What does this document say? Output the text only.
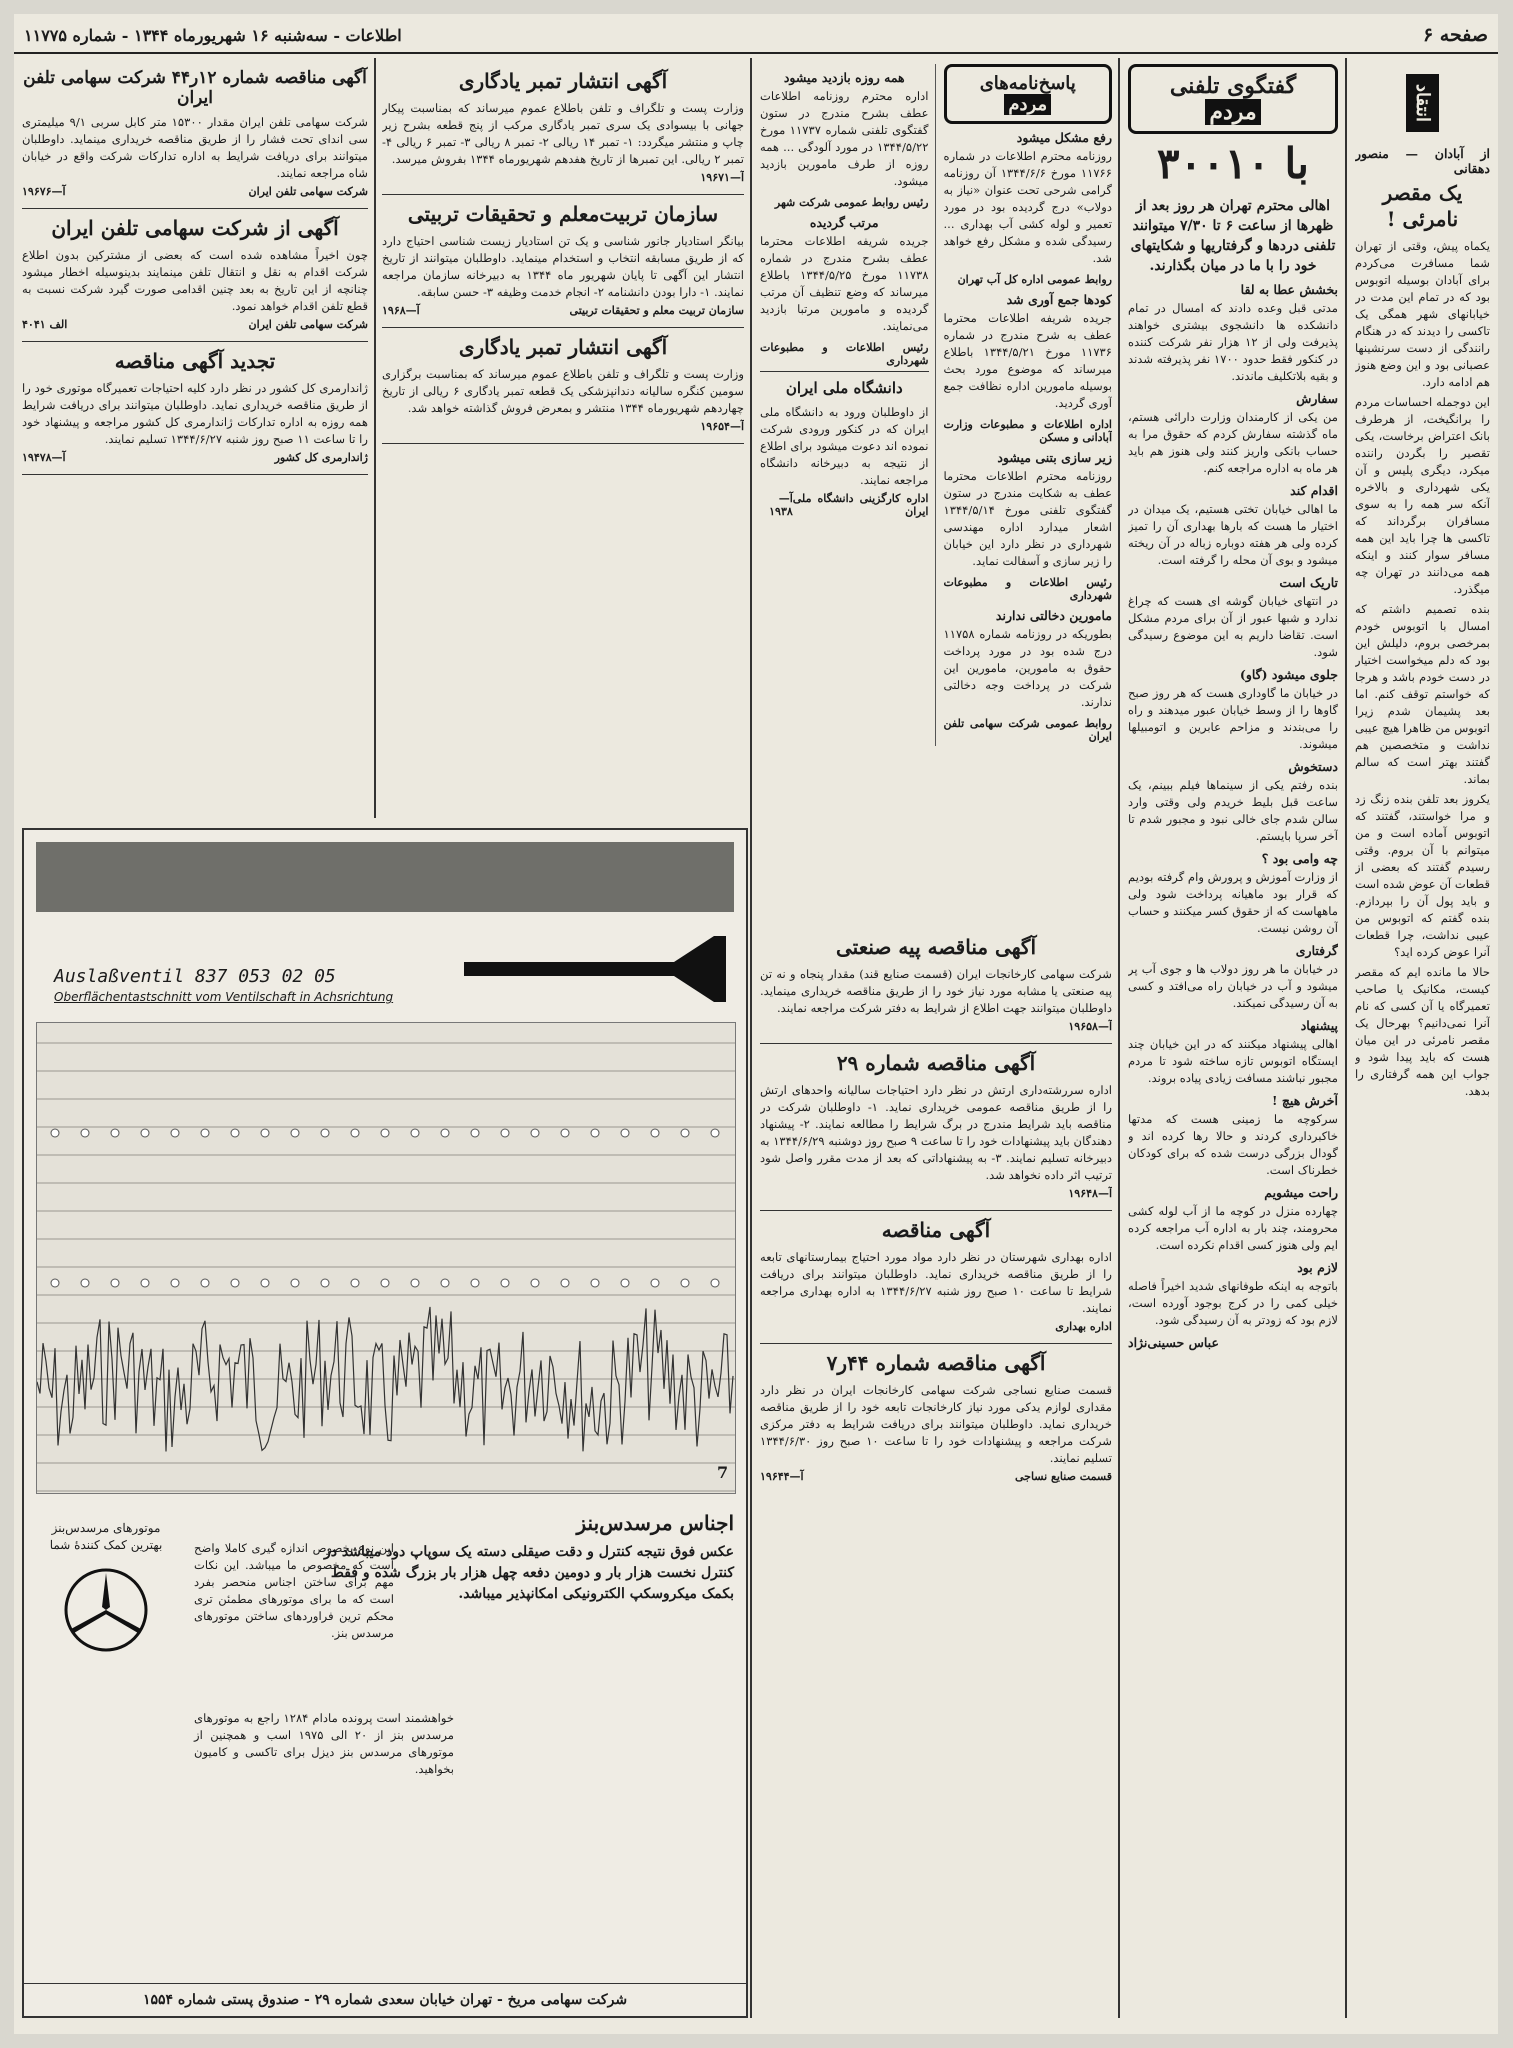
صفحه ۶
اطلاعات - سه‌شنبه ۱۶ شهریورماه ۱۳۴۴ - شماره ۱۱۷۷۵
انتقاد
از آبادان — منصور دهقانی
یک مقصر نامرئی !

یکماه پیش، وقتی از تهران شما مسافرت می‌کردم برای آبادان بوسیله اتوبوس بود که در تمام این مدت در خیابانهای شهر همگی یک تاکسی را دیدند که در هنگام رانندگی از دست سرنشینها عصبانی بود و این وضع هنوز هم ادامه دارد.

این دوجمله احساسات مردم را برانگیخت، از هرطرف بانک اعتراض برخاست، یکی تقصیر را بگردن راننده میکرد، دیگری پلیس و آن یکی شهرداری و بالاخره آنکه سر همه را به سوی مسافران برگرداند که تاکسی ها چرا باید این همه مسافر سوار کنند و اینکه همه می‌دانند در تهران چه میگذرد.

بنده تصمیم داشتم که امسال با اتوبوس خودم بمرخصی بروم، دلیلش این بود که دلم میخواست اختیار در دست خودم باشد و هرجا که خواستم توقف کنم. اما بعد پشیمان شدم زیرا اتوبوس من ظاهرا هیچ عیبی نداشت و متخصصین هم گفتند بهتر است که سالم بماند.

یکروز بعد تلفن بنده زنگ زد و مرا خواستند، گفتند که اتوبوس آماده است و من میتوانم با آن بروم. وقتی رسیدم گفتند که بعضی از قطعات آن عوض شده است و باید پول آن را بپردازم. بنده گفتم که اتوبوس من عیبی نداشت، چرا قطعات آنرا عوض کرده اید؟

حالا ما مانده ایم که مقصر کیست، مکانیک یا صاحب تعمیرگاه یا آن کسی که نام آنرا نمی‌دانیم؟ بهرحال یک مقصر نامرئی در این میان هست که باید پیدا شود و جواب این همه گرفتاری را بدهد.

گفتگوی تلفنی مردم
با ۳۰۰۱۰
اهالی محترم تهران هر روز بعد از ظهرها از ساعت ۶ تا ۷/۳۰ میتوانند تلفنی دردها و گرفتاریها و شکایتهای خود را با ما در میان بگذارند.
بخشش عطا به لقا

مدتی قبل وعده دادند که امسال در تمام دانشکده ها دانشجوی بیشتری خواهند پذیرفت ولی از ۱۲ هزار نفر شرکت کننده در کنکور فقط حدود ۱۷۰۰ نفر پذیرفته شدند و بقیه بلاتکلیف ماندند.

سفارش

من یکی از کارمندان وزارت دارائی هستم، ماه گذشته سفارش کردم که حقوق مرا به حساب بانکی واریز کنند ولی هنوز هم باید هر ماه به اداره مراجعه کنم.

اقدام کند

ما اهالی خیابان تختی هستیم، یک میدان در اختیار ما هست که بارها بهداری آن را تمیز کرده ولی هر هفته دوباره زباله در آن ریخته میشود و بوی آن محله را گرفته است.

تاریک است

در انتهای خیابان گوشه ای هست که چراغ ندارد و شبها عبور از آن برای مردم مشکل است. تقاضا داریم به این موضوع رسیدگی شود.

جلوی میشود (گاو)

در خیابان ما گاوداری هست که هر روز صبح گاوها را از وسط خیابان عبور میدهند و راه را می‌بندند و مزاحم عابرین و اتومبیلها میشوند.

دستخوش

بنده رفتم یکی از سینماها فیلم ببینم، یک ساعت قبل بلیط خریدم ولی وقتی وارد سالن شدم جای خالی نبود و مجبور شدم تا آخر سرپا بایستم.

چه وامی بود ؟

از وزارت آموزش و پرورش وام گرفته بودیم که قرار بود ماهیانه پرداخت شود ولی ماههاست که از حقوق کسر میکنند و حساب آن روشن نیست.

گرفتاری

در خیابان ما هر روز دولاب ها و جوی آب پر میشود و آب در خیابان راه می‌افتد و کسی به آن رسیدگی نمیکند.

پیشنهاد

اهالی پیشنهاد میکنند که در این خیابان چند ایستگاه اتوبوس تازه ساخته شود تا مردم مجبور نباشند مسافت زیادی پیاده بروند.

آخرش هیچ !

سرکوچه ما زمینی هست که مدتها خاکبرداری کردند و حالا رها کرده اند و گودال بزرگی درست شده که برای کودکان خطرناک است.

راحت میشویم

چهارده منزل در کوچه ما از آب لوله کشی محرومند، چند بار به اداره آب مراجعه کرده ایم ولی هنوز کسی اقدام نکرده است.

لازم بود

باتوجه به اینکه طوفانهای شدید اخیراً فاصله خیلی کمی را در کرج بوجود آورده است، لازم بود که زودتر به آن رسیدگی شود.

عباس حسینی‌نژاد
پاسخ‌نامه‌های مردم
رفع مشکل میشود

روزنامه محترم اطلاعات در شماره ۱۱۷۶۶ مورخ ۱۳۴۴/۶/۶ آن روزنامه گرامی شرحی تحت عنوان «نیاز به دولاب» درج گردیده بود در مورد تعمیر و لوله کشی آب بهداری ... رسیدگی شده و مشکل رفع خواهد شد.

روابط عمومی اداره کل آب تهران
کودها جمع آوری شد

جریده شریفه اطلاعات محترما عطف به شرح مندرج در شماره ۱۱۷۳۶ مورخ ۱۳۴۴/۵/۲۱ باطلاع میرساند که موضوع مورد بحث بوسیله مامورین اداره نظافت جمع آوری گردید.

اداره اطلاعات و مطبوعات وزارت آبادانی و مسکن
زیر سازی بتنی میشود

روزنامه محترم اطلاعات محترما عطف به شکایت مندرج در ستون گفتگوی تلفنی مورخ ۱۳۴۴/۵/۱۴ اشعار میدارد اداره مهندسی شهرداری در نظر دارد این خیابان را زیر سازی و آسفالت نماید.

رئیس اطلاعات و مطبوعات شهرداری
مامورین دخالتی ندارند

بطوریکه در روزنامه شماره ۱۱۷۵۸ درج شده بود در مورد پرداخت حقوق به مامورین، مامورین این شرکت در پرداخت وجه دخالتی ندارند.

روابط عمومی شرکت سهامی تلفن ایران
همه روزه بازدید میشود

اداره محترم روزنامه اطلاعات عطف بشرح مندرج در ستون گفتگوی تلفنی شماره ۱۱۷۳۷ مورخ ۱۳۴۴/۵/۲۲ در مورد آلودگی ... همه روزه از طرف مامورین بازدید میشود.

رئیس روابط عمومی شرکت شهر
مرتب گردیده

جریده شریفه اطلاعات محترما عطف بشرح مندرج در شماره ۱۱۷۳۸ مورخ ۱۳۴۴/۵/۲۵ باطلاع میرساند که وضع تنظیف آن مرتب گردیده و مامورین مرتبا بازدید می‌نمایند.

رئیس اطلاعات و مطبوعات شهرداری
دانشگاه ملی ایران

از داوطلبان ورود به دانشگاه ملی ایران که در کنکور ورودی شرکت نموده اند دعوت میشود برای اطلاع از نتیجه به دبیرخانه دانشگاه مراجعه نمایند.

اداره کارگزینی دانشگاه ملی ایران
آ—۱۹۳۸
آگهی انتشار تمبر یادگاری

وزارت پست و تلگراف و تلفن باطلاع عموم میرساند که بمناسبت پیکار جهانی با بیسوادی یک سری تمبر یادگاری مرکب از پنج قطعه بشرح زیر چاپ و منتشر میگردد: ۱- تمبر ۱۴ ریالی ۲- تمبر ۸ ریالی ۳- تمبر ۶ ریالی ۴- تمبر ۲ ریالی. این تمبرها از تاریخ هفدهم شهریورماه ۱۳۴۴ بفروش میرسد.

آ—۱۹۶۷۱
سازمان تربیت‌معلم و تحقیقات تربیتی

بیانگر استادیار جانور شناسی و یک تن استادیار زیست شناسی احتیاج دارد که از طریق مسابقه انتخاب و استخدام مینماید. داوطلبان میتوانند از تاریخ انتشار این آگهی تا پایان شهریور ماه ۱۳۴۴ به دبیرخانه سازمان مراجعه نمایند. ۱- دارا بودن دانشنامه ۲- انجام خدمت وظیفه ۳- حسن سابقه.

سازمان تربیت معلم و تحقیقات تربیتی
آ—۱۹۶۸
آگهی انتشار تمبر یادگاری

وزارت پست و تلگراف و تلفن باطلاع عموم میرساند که بمناسبت برگزاری سومین کنگره سالیانه دندانپزشکی یک قطعه تمبر یادگاری ۶ ریالی از تاریخ چهاردهم شهریورماه ۱۳۴۴ منتشر و بمعرض فروش گذاشته خواهد شد.

آ—۱۹۶۵۴
آگهی مناقصه شماره ۱۲ر۴۴ شرکت سهامی تلفن ایران

شرکت سهامی تلفن ایران مقدار ۱۵۳۰۰ متر کابل سربی ۹/۱ میلیمتری سی اندای تحت فشار را از طریق مناقصه خریداری مینماید. داوطلبان میتوانند برای دریافت شرایط به اداره تدارکات شرکت واقع در خیابان شاه مراجعه نمایند.

شرکت سهامی تلفن ایران
آ—۱۹۶۷۶
آگهی از شرکت سهامی تلفن ایران

چون اخیراً مشاهده شده است که بعضی از مشترکین بدون اطلاع شرکت اقدام به نقل و انتقال تلفن مینمایند بدینوسیله اخطار میشود چنانچه از این تاریخ به بعد چنین اقدامی صورت گیرد شرکت نسبت به قطع تلفن اقدام خواهد نمود.

شرکت سهامی تلفن ایران
الف ۴۰۴۱
تجدید آگهی مناقصه

ژاندارمری کل کشور در نظر دارد کلیه احتیاجات تعمیرگاه موتوری خود را از طریق مناقصه خریداری نماید. داوطلبان میتوانند برای دریافت شرایط همه روزه به اداره تدارکات ژاندارمری کل کشور مراجعه و پیشنهاد خود را تا ساعت ۱۱ صبح روز شنبه ۱۳۴۴/۶/۲۷ تسلیم نمایند.

ژاندارمری کل کشور
آ—۱۹۴۷۸
آگهی مناقصه پیه صنعتی

شرکت سهامی کارخانجات ایران (قسمت صنایع قند) مقدار پنجاه و نه تن پیه صنعتی یا مشابه مورد نیاز خود را از طریق مناقصه خریداری مینماید. داوطلبان میتوانند جهت اطلاع از شرایط به دفتر شرکت مراجعه نمایند.

آ—۱۹۶۵۸
آگهی مناقصه شماره ۲۹

اداره سررشته‌داری ارتش در نظر دارد احتیاجات سالیانه واحدهای ارتش را از طریق مناقصه عمومی خریداری نماید. ۱- داوطلبان شرکت در مناقصه باید شرایط مندرج در برگ شرایط را مطالعه نمایند. ۲- پیشنهاد دهندگان باید پیشنهادات خود را تا ساعت ۹ صبح روز دوشنبه ۱۳۴۴/۶/۲۹ به دبیرخانه تسلیم نمایند. ۳- به پیشنهاداتی که بعد از مدت مقرر واصل شود ترتیب اثر داده نخواهد شد.

آ—۱۹۶۴۸
آگهی مناقصه

اداره بهداری شهرستان در نظر دارد مواد مورد احتیاج بیمارستانهای تابعه را از طریق مناقصه خریداری نماید. داوطلبان میتوانند برای دریافت شرایط تا ساعت ۱۰ صبح روز شنبه ۱۳۴۴/۶/۲۷ به اداره بهداری مراجعه نمایند.

اداره بهداری
آگهی مناقصه شماره ۴۴ر۷

قسمت صنایع نساجی شرکت سهامی کارخانجات ایران در نظر دارد مقداری لوازم یدکی مورد نیاز کارخانجات تابعه خود را از طریق مناقصه خریداری نماید. داوطلبان میتوانند برای دریافت شرایط به دفتر مرکزی شرکت مراجعه و پیشنهادات خود را تا ساعت ۱۰ صبح روز ۱۳۴۴/۶/۳۰ تسلیم نمایند.

قسمت صنایع نساجی
آ—۱۹۶۴۴
Auslaßventil 837 053 02 05
Oberflächentastschnitt vom Ventilschaft in Achsrichtung
7
اجناس مرسدس‌بنز

عکس فوق نتیجه کنترل و دقت صیقلی دسته یک سوپاپ دود میباشد در کنترل نخست هزار بار و دومین دفعه چهل هزار بار بزرگ شده و فقط بکمک میکروسکپ الکترونیکی امکانپذیر میباشد.

این نوع بخصوص اندازه گیری کاملا واضح است که مخصوص ما میباشد. این نکات مهم برای ساختن اجناس منحصر بفرد است که ما برای موتورهای مطمئن تری محکم ترین فراوردهای ساختن موتورهای مرسدس بنز.

موتورهای مرسدس‌بنز بهترین کمک کنندۀ شما

خواهشمند است پرونده مادام ۱۲۸۴ راجع به موتورهای مرسدس بنز از ۲۰ الی ۱۹۷۵ اسب و همچنین از موتورهای مرسدس بنز دیزل برای تاکسی و کامیون بخواهید.

شرکت سهامی مریخ - تهران خیابان سعدی شماره ۲۹ - صندوق پستی شماره ۱۵۵۴
